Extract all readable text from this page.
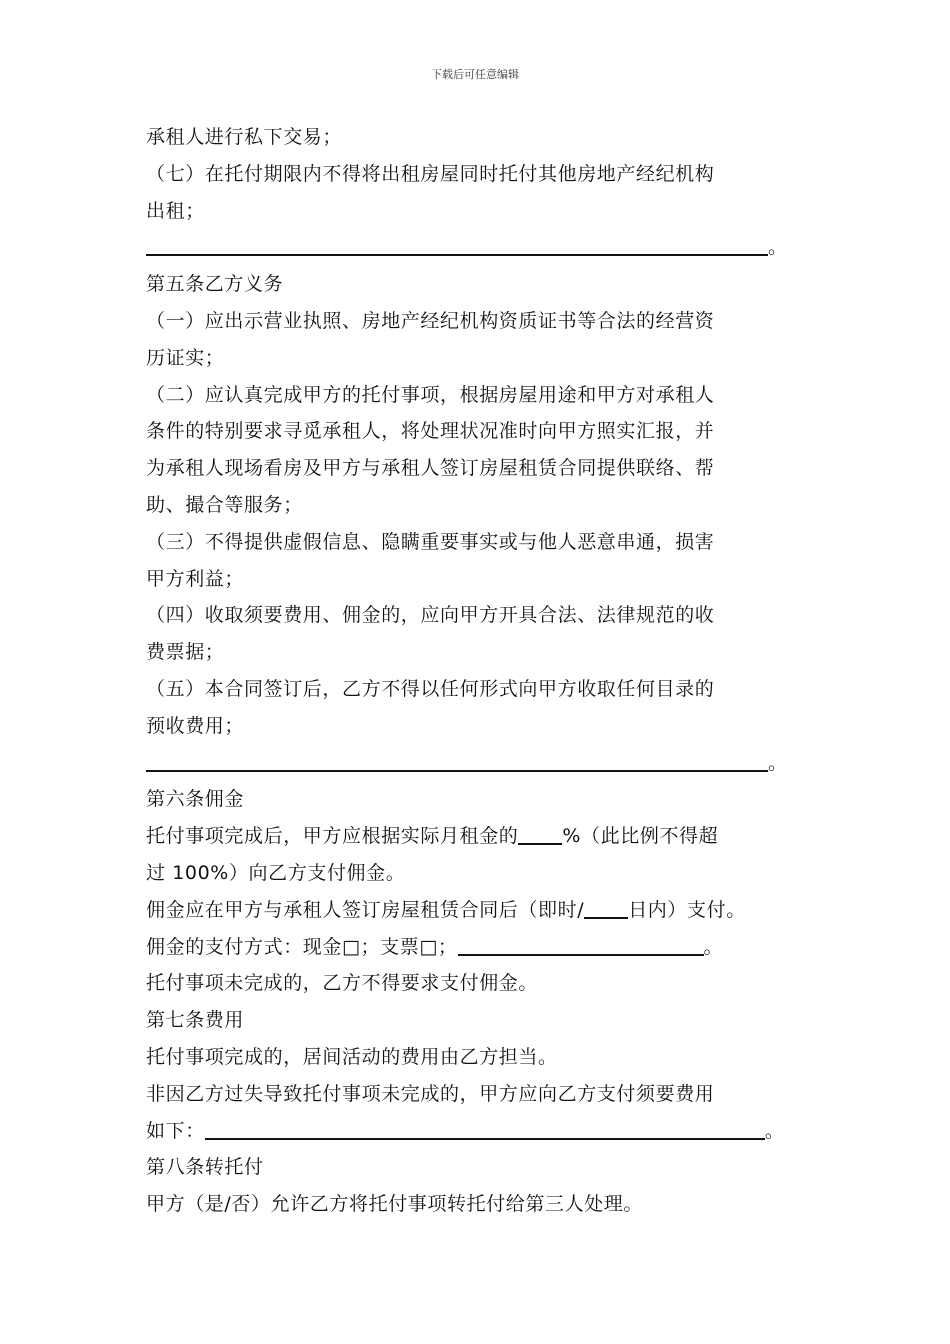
下载后可任意编辑
承租人进行私下交易；
（七）在托付期限内不得将出租房屋同时托付其他房地产经纪机构
出租；
。
第五条乙方义务
（一）应出示营业执照、房地产经纪机构资质证书等合法的经营资
历证实；
（二）应认真完成甲方的托付事项，根据房屋用途和甲方对承租人
条件的特别要求寻觅承租人，将处理状况准时向甲方照实汇报，并
为承租人现场看房及甲方与承租人签订房屋租赁合同提供联络、帮
助、撮合等服务；
（三）不得提供虚假信息、隐瞒重要事实或与他人恶意串通，损害
甲方利益；
（四）收取须要费用、佣金的，应向甲方开具合法、法律规范的收
费票据；
（五）本合同签订后，乙方不得以任何形式向甲方收取任何目录的
预收费用；
。
第六条佣金
托付事项完成后，甲方应根据实际月租金的 %（此比例不得超
过 100%）向乙方支付佣金。
佣金应在甲方与承租人签订房屋租赁合同后（即时/ 日内）支付。
佣金的支付方式：现金□；支票□；	。
托付事项未完成的，乙方不得要求支付佣金。
第七条费用
托付事项完成的，居间活动的费用由乙方担当。
非因乙方过失导致托付事项未完成的，甲方应向乙方支付须要费用
如下：	。
第八条转托付
甲方（是/否）允许乙方将托付事项转托付给第三人处理。
